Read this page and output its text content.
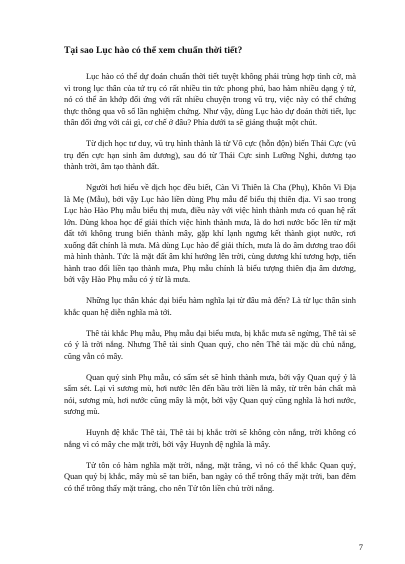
Tại sao Lục hào có thể xem chuẩn thời tiết?

Lục hào có thể dự đoán chuẩn thời tiết tuyệt không phải trùng hợp tình cờ, mà vì trong lục thân của tứ trụ có rất nhiều tin tức phong phú, bao hàm nhiều dạng ý tứ, nó có thể ăn khớp đối ứng với rất nhiều chuyện trong vũ trụ, việc này có thể chứng thực thông qua vô số lần nghiệm chứng. Như vậy, dùng Lục hào dự đoán thời tiết, lục thân đối ứng với cái gì, cơ chế ở đâu? Phía dưới ta sẽ giảng thuật một chút.

Từ dịch học tư duy, vũ trụ hình thành là từ Vô cực (hỗn độn) biến Thái Cực (vũ trụ đến cực hạn sinh âm dương), sau đó từ Thái Cực sinh Lưỡng Nghi, dương tạo thành trời, âm tạo thành đất.

Người hơi hiểu về dịch học đều biết, Càn Vi Thiên là Cha (Phụ), Khôn Vi Địa là Mẹ (Mẫu), bởi vậy Lục hào liền dùng Phụ mẫu để biểu thị thiên địa. Vì sao trong Lục hào Hào Phụ mẫu biểu thị mưa, điều này với việc hình thành mưa có quan hệ rất lớn. Dùng khoa học để giải thích việc hình thành mưa, là do hơi nước bốc lên từ mặt đất tới không trung biến thành mây, gặp khí lạnh ngưng kết thành giọt nước, rơi xuống đất chính là mưa. Mà dùng Lục hào để giải thích, mưa là do âm dương trao đổi mà hình thành. Tức là mặt đất âm khí hướng lên trời, cùng dương khí tương hợp, tiến hành trao đổi liền tạo thành mưa, Phụ mẫu chính là biểu tượng thiên địa âm dương, bởi vậy Hào Phụ mẫu có ý từ là mưa.

Những lục thân khác đại biểu hàm nghĩa lại từ đâu mà đến? Là từ lục thân sinh khắc quan hệ diễn nghĩa mà tới.

Thê tài khắc Phụ mẫu, Phụ mẫu đại biểu mưa, bị khắc mưa sẽ ngừng, Thê tài sẽ có ý là trời nắng. Nhưng Thê tài sinh Quan quỷ, cho nên Thê tài mặc dù chủ nắng, cũng vẫn có mây.

Quan quỷ sinh Phụ mẫu, có sấm sét sẽ hình thành mưa, bởi vậy Quan quỷ ý là sấm sét. Lại vì sương mù, hơi nước lên đến bầu trời liền là mây, từ trên bản chất mà nói, sương mù, hơi nước cũng mây là một, bởi vậy Quan quỷ cũng nghĩa là hơi nước, sương mù.

Huynh đệ khắc Thê tài, Thê tài bị khắc trời sẽ không còn nắng, trời không có nắng vì có mây che mặt trời, bởi vậy Huynh đệ nghĩa là mây.

Tử tôn có hàm nghĩa mặt trời, nắng, mặt trăng, vì nó có thể khắc Quan quỷ, Quan quỷ bị khắc, mây mù sẽ tan biến, ban ngày có thể trông thấy mặt trời, ban đêm có thể trông thấy mặt trăng, cho nên Tử tôn liền chủ trời nắng.

7
